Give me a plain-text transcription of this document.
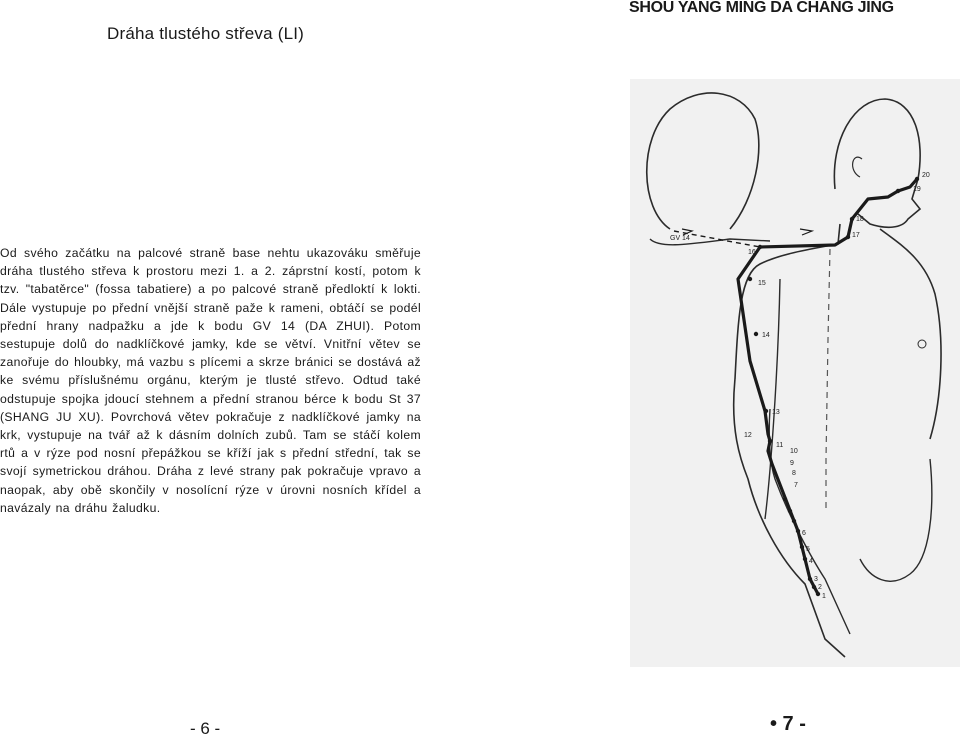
Dráha tlustého střeva (LI)
SHOU YANG MING DA CHANG JING

Od svého začátku na palcové straně base nehtu ukazováku směřuje dráha tlustého střeva k prostoru mezi 1. a 2. záprstní kostí, potom k tzv. "tabatěrce" (fossa tabatiere) a po palcové straně předloktí k lokti. Dále vystupuje po přední vnější straně paže k rameni, obtáčí se podél přední hrany nadpažku a jde k bodu GV 14 (DA ZHUI). Potom sestupuje dolů do nadklíčkové jamky, kde se větví. Vnitřní větev se zanořuje do hloubky, má vazbu s plícemi a skrze bránici se dostává až ke svému příslušnému orgánu, kterým je tlusté střevo. Odtud také odstupuje spojka jdoucí stehnem a přední stranou bérce k bodu St 37 (SHANG JU XU). Povrchová větev pokračuje z nadklíčkové jamky na krk, vystupuje na tvář až k dásním dolních zubů. Tam se stáčí kolem rtů a v rýze pod nosní přepážkou se kříží jak s přední střední, tak se svojí symetrickou dráhou. Dráha z levé strany pak pokračuje vpravo a naopak, aby obě skončily v nosolícní rýze v úrovni nosních křídel a navázaly na dráhu žaludku.

20
19
18
17
16
15
14
13
12
11
10
9
8
7
6
5
4
3
2
1
GV 14
- 6 -	• 7 -
